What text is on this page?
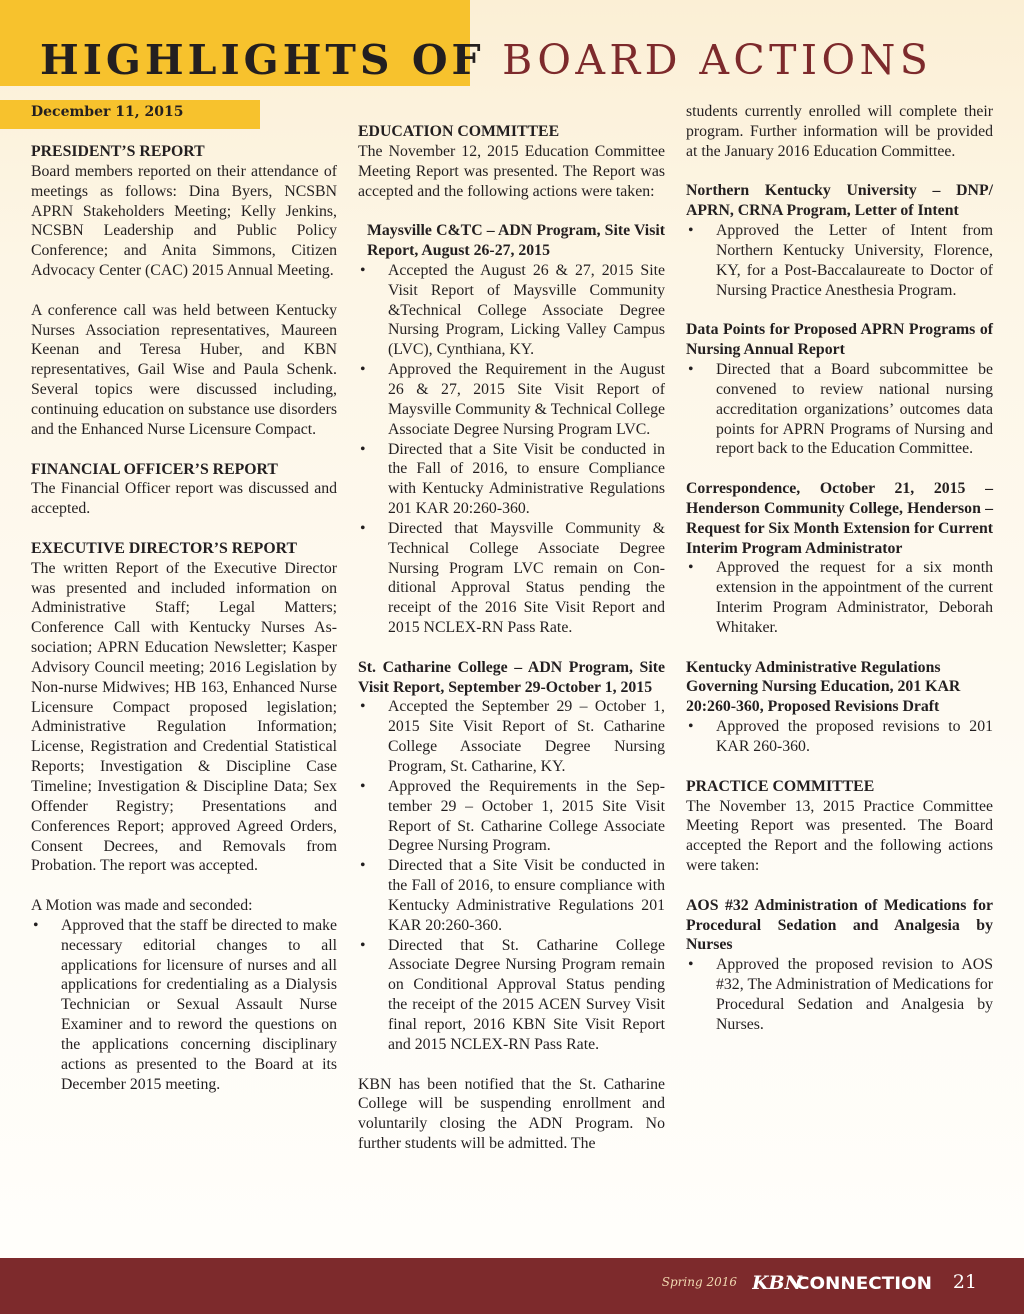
HIGHLIGHTS OF BOARD ACTIONS
December 11, 2015
PRESIDENT’S REPORT

Board members reported on their attendance of meetings as follows: Dina Byers, NCSBN APRN Stakeholders Meeting; Kelly Jenkins, NCSBN Leadership and Public Policy Conference; and Anita Simmons, Citizen Advocacy Center (CAC) 2015 Annual Meeting.

A conference call was held between Kentucky Nurses Association representatives, Maureen Keenan and Teresa Huber, and KBN representatives, Gail Wise and Paula Schenk. Several topics were discussed including, continuing education on substance use disorders and the Enhanced Nurse Licensure Compact.

FINANCIAL OFFICER’S REPORT

The Financial Officer report was discussed and accepted.

EXECUTIVE DIRECTOR’S REPORT

The written Report of the Executive Director was presented and included information on Administrative Staff; Legal Matters; Conference Call with Kentucky Nurses Association; APRN Education Newsletter; Kasper Advisory Council meeting; 2016 Legislation by Non-nurse Midwives; HB 163, Enhanced Nurse Licensure Compact proposed legislation; Administrative Regulation Information; License, Registration and Credential Statistical Reports; Investigation & Discipline Case Timeline; Investigation & Discipline Data; Sex Offender Registry; Presentations and Conferences Report; approved Agreed Orders, Consent Decrees, and Removals from Probation. The report was accepted.

A Motion was made and seconded:
• Approved that the staff be directed to make necessary editorial changes to all applications for licensure of nurses and all applications for credentialing as a Dialysis Technician or Sexual Assault Nurse Examiner and to reword the questions on the applications concerning disciplinary actions as presented to the Board at its December 2015 meeting.
EDUCATION COMMITTEE

The November 12, 2015 Education Committee Meeting Report was presented. The Report was accepted and the following actions were taken:

Maysville C&TC – ADN Program, Site Visit Report, August 26-27, 2015
• Accepted the August 26 & 27, 2015 Site Visit Report of Maysville Community &Technical College Associate Degree Nursing Program, Licking Valley Campus (LVC), Cynthiana, KY.
• Approved the Requirement in the August 26 & 27, 2015 Site Visit Report of Maysville Community & Technical College Associate Degree Nursing Program LVC.
• Directed that a Site Visit be conducted in the Fall of 2016, to ensure Compliance with Kentucky Administrative Regulations 201 KAR 20:260-360.
• Directed that Maysville Community & Technical College Associate Degree Nursing Program LVC remain on Conditional Approval Status pending the receipt of the 2016 Site Visit Report and 2015 NCLEX-RN Pass Rate.
St. Catharine College – ADN Program, Site Visit Report, September 29-October 1, 2015
• Accepted the September 29 – October 1, 2015 Site Visit Report of St. Catharine College Associate Degree Nursing Program, St. Catharine, KY.
• Approved the Requirements in the September 29 – October 1, 2015 Site Visit Report of St. Catharine College Associate Degree Nursing Program.
• Directed that a Site Visit be conducted in the Fall of 2016, to ensure compliance with Kentucky Administrative Regulations 201 KAR 20:260-360.
• Directed that St. Catharine College Associate Degree Nursing Program remain on Conditional Approval Status pending the receipt of the 2015 ACEN Survey Visit final report, 2016 KBN Site Visit Report and 2015 NCLEX-RN Pass Rate.

KBN has been notified that the St. Catharine College will be suspending enrollment and voluntarily closing the ADN Program. No further students will be admitted. The

students currently enrolled will complete their program. Further information will be provided at the January 2016 Education Committee.

Northern Kentucky University – DNP/ APRN, CRNA Program, Letter of Intent
• Approved the Letter of Intent from Northern Kentucky University, Florence, KY, for a Post-Baccalaureate to Doctor of Nursing Practice Anesthesia Program.
Data Points for Proposed APRN Programs of Nursing Annual Report
• Directed that a Board subcommittee be convened to review national nursing accreditation organizations’ outcomes data points for APRN Programs of Nursing and report back to the Education Committee.
Correspondence, October 21, 2015 – Henderson Community College, Henderson – Request for Six Month Extension for Current Interim Program Administrator
• Approved the request for a six month extension in the appointment of the current Interim Program Administrator, Deborah Whitaker.
Kentucky Administrative Regulations Governing Nursing Education, 201 KAR 20:260-360, Proposed Revisions Draft
• Approved the proposed revisions to 201 KAR 260-360.
PRACTICE COMMITTEE

The November 13, 2015 Practice Committee Meeting Report was presented. The Board accepted the Report and the following actions were taken:

AOS #32 Administration of Medications for Procedural Sedation and Analgesia by Nurses
• Approved the proposed revision to AOS #32, The Administration of Medications for Procedural Sedation and Analgesia by Nurses.
Spring 2016 KBN
CONNECTION 21
